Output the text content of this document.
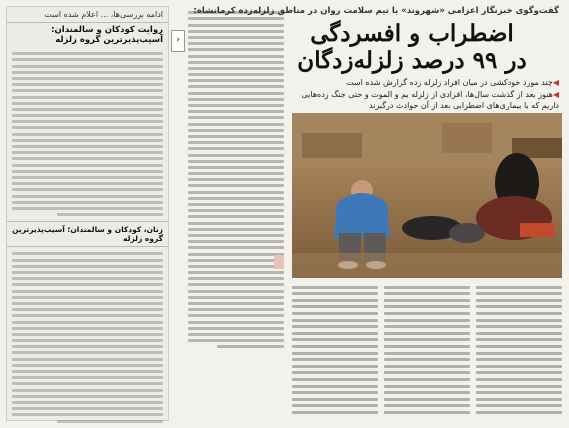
ادامه بررسی‌ها، ... اعلام شده است
روایت کودکان و سالمندان: آسیب‌پذیرترین گروه زلزله
زنان، کودکان و سالمندان؛ آسیب‌پذیرترین گروه زلزله
›
گفت‌وگوی خبرنگار اعزامی «شهروند» با تیم سلامت روان در مناطق زلزله‌زده کرمانشاه:
اضطراب و افسردگی
در ۹۹ درصد زلزله‌زدگان

◀چند مورد خودکشی در میان افراد زلزله زده گزارش شده است

◀هنوز بعد از گذشت سال‌ها، افرادی از زلزله بم و الموت و حتی جنگ زده‌هایی داریم که با بیماری‌های اضطرابی بعد از آن حوادث درگیرند
